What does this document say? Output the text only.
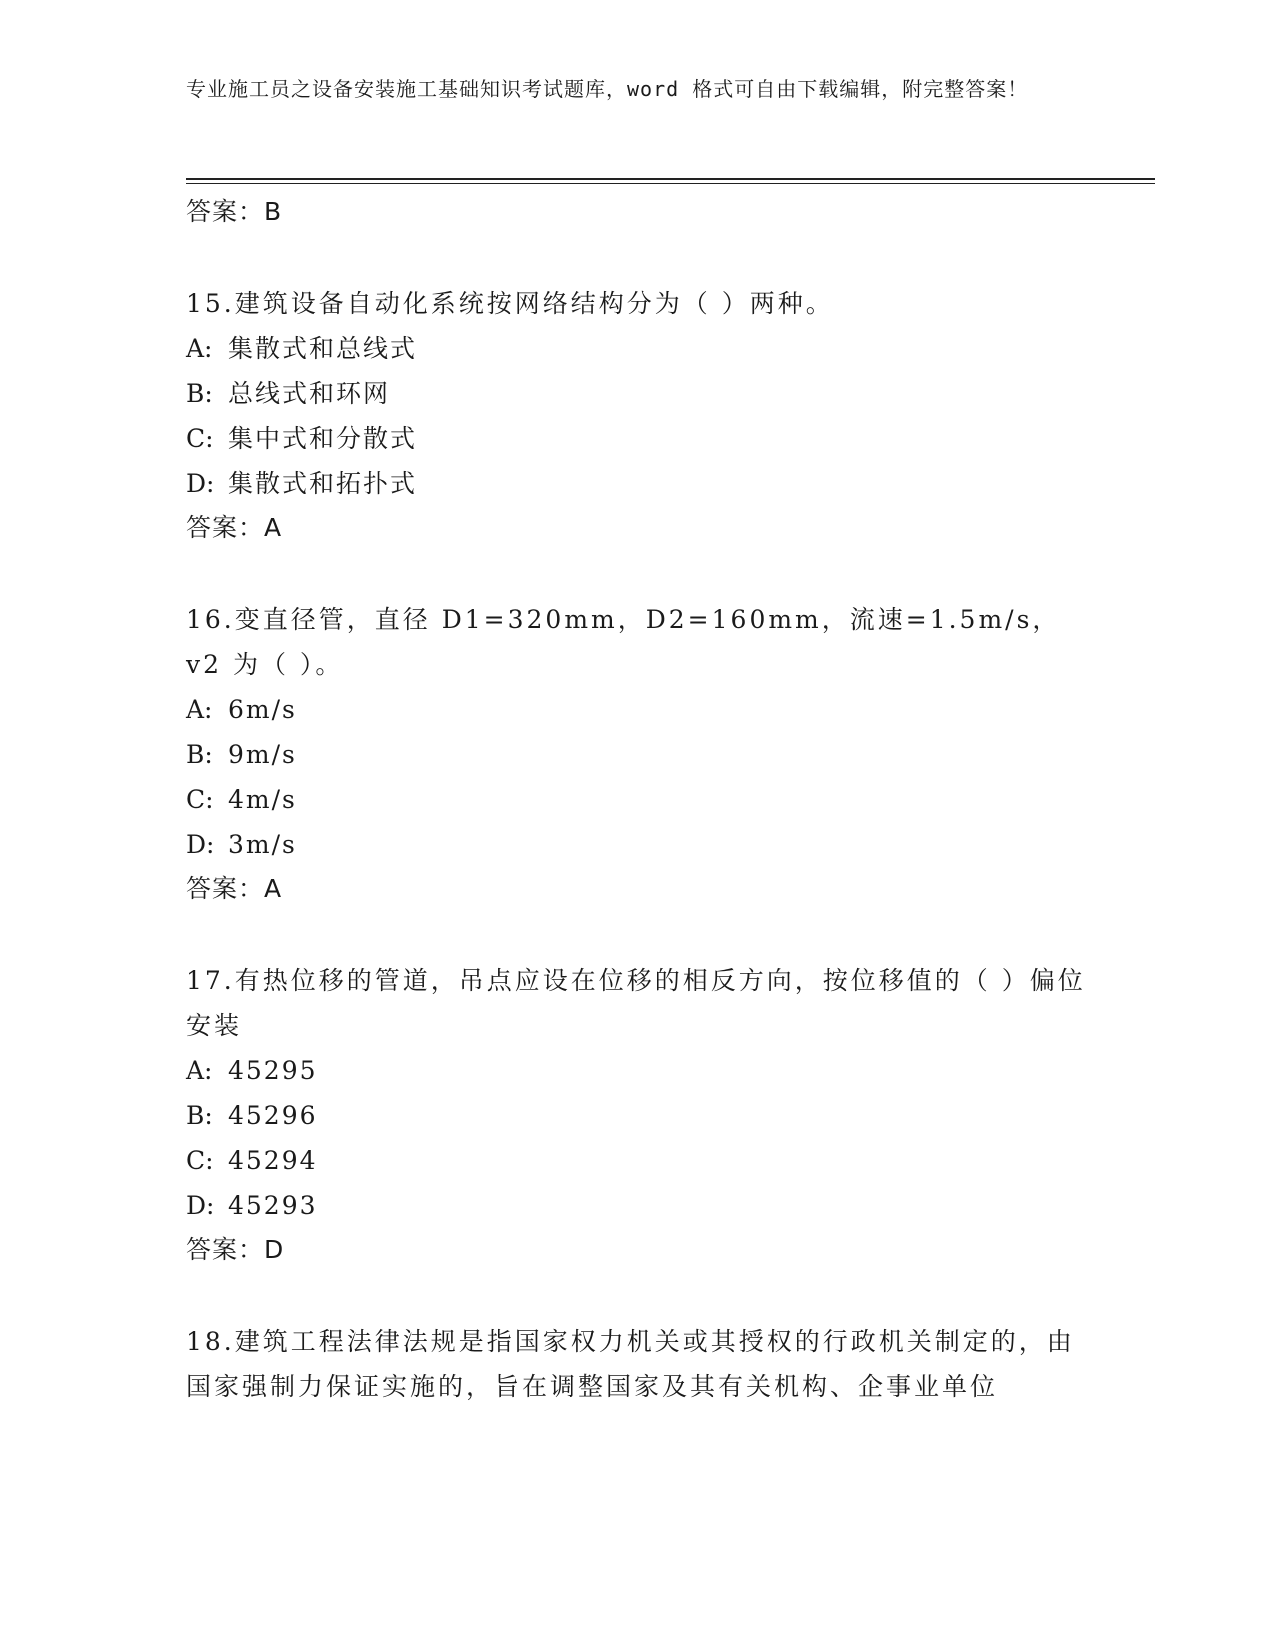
专业施工员之设备安装施工基础知识考试题库，word 格式可自由下载编辑，附完整答案！

答案：B

15.建筑设备自动化系统按网络结构分为（ ）两种。

A: 集散式和总线式

B: 总线式和环网

C: 集中式和分散式

D: 集散式和拓扑式

答案：A

16.变直径管，直径 D1=320mm，D2=160mm，流速=1.5m/s，v2 为（ ）。

A: 6m/s

B: 9m/s

C: 4m/s

D: 3m/s

答案：A

17.有热位移的管道，吊点应设在位移的相反方向，按位移值的（ ）偏位安装

A: 45295

B: 45296

C: 45294

D: 45293

答案：D

18.建筑工程法律法规是指国家权力机关或其授权的行政机关制定的，由国家强制力保证实施的，旨在调整国家及其有关机构、企事业单位
